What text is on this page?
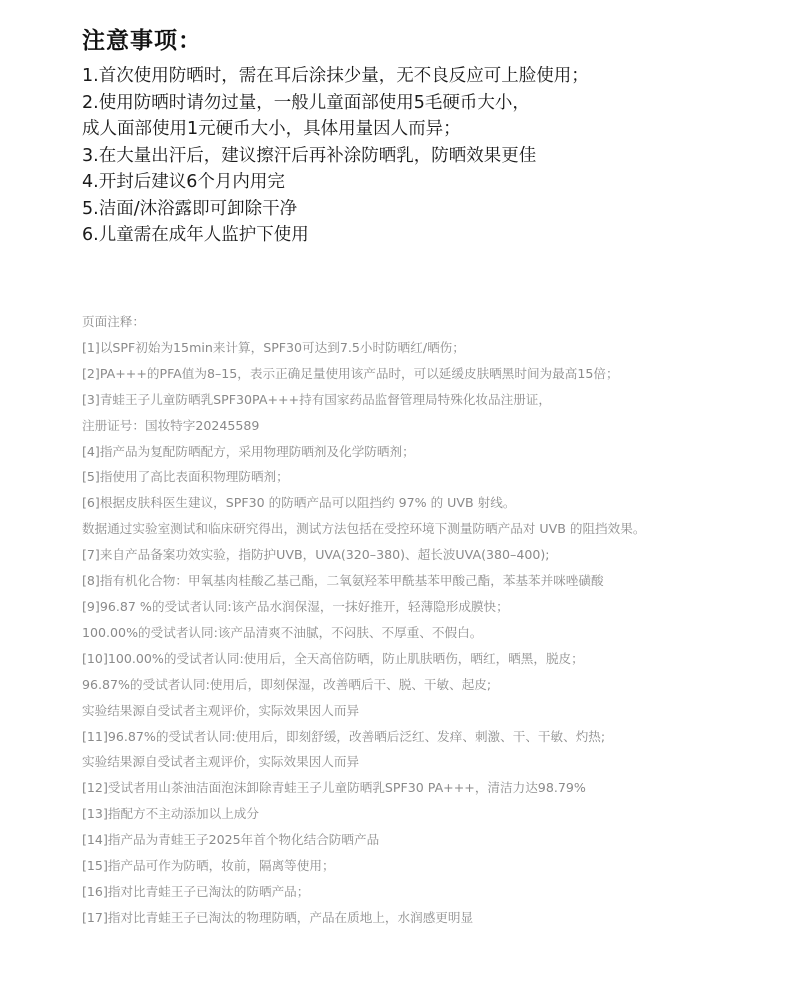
注意事项：
1.首次使用防晒时，需在耳后涂抹少量，无不良反应可上脸使用；
2.使用防晒时请勿过量，一般儿童面部使用5毛硬币大小，
成人面部使用1元硬币大小，具体用量因人而异；
3.在大量出汗后，建议擦汗后再补涂防晒乳，防晒效果更佳
4.开封后建议6个月内用完
5.洁面/沐浴露即可卸除干净
6.儿童需在成年人监护下使用
页面注释：
[1]以SPF初始为15min来计算，SPF30可达到7.5小时防晒红/晒伤；
[2]PA+++的PFA值为8–15，表示正确足量使用该产品时，可以延缓皮肤晒黑时间为最高15倍；
[3]青蛙王子儿童防晒乳SPF30PA+++持有国家药品监督管理局特殊化妆品注册证，
注册证号：国妆特字20245589
[4]指产品为复配防晒配方，采用物理防晒剂及化学防晒剂；
[5]指使用了高比表面积物理防晒剂；
[6]根据皮肤科医生建议，SPF30 的防晒产品可以阻挡约 97% 的 UVB 射线。
数据通过实验室测试和临床研究得出，测试方法包括在受控环境下测量防晒产品对 UVB 的阻挡效果。
[7]来自产品备案功效实验，指防护UVB，UVA(320–380)、超长波UVA(380–400);
[8]指有机化合物：甲氧基肉桂酸乙基己酯，二氧氨羟苯甲酰基苯甲酸己酯，苯基苯并咪唑磺酸
[9]96.87 %的受试者认同:该产品水润保湿，一抹好推开，轻薄隐形成膜快；
100.00%的受试者认同:该产品清爽不油腻，不闷肤、不厚重、不假白。
[10]100.00%的受试者认同:使用后，全天高倍防晒，防止肌肤晒伤，晒红，晒黑，脱皮；
96.87%的受试者认同:使用后，即刻保湿，改善晒后干、脱、干敏、起皮;
实验结果源自受试者主观评价，实际效果因人而异
[11]96.87%的受试者认同:使用后，即刻舒缓，改善晒后泛红、发痒、刺激、干、干敏、灼热;
实验结果源自受试者主观评价，实际效果因人而异
[12]受试者用山茶油洁面泡沫卸除青蛙王子儿童防晒乳SPF30 PA+++，清洁力达98.79%
[13]指配方不主动添加以上成分
[14]指产品为青蛙王子2025年首个物化结合防晒产品
[15]指产品可作为防晒，妆前，隔离等使用；
[16]指对比青蛙王子已淘汰的防晒产品；
[17]指对比青蛙王子已淘汰的物理防晒，产品在质地上，水润感更明显
